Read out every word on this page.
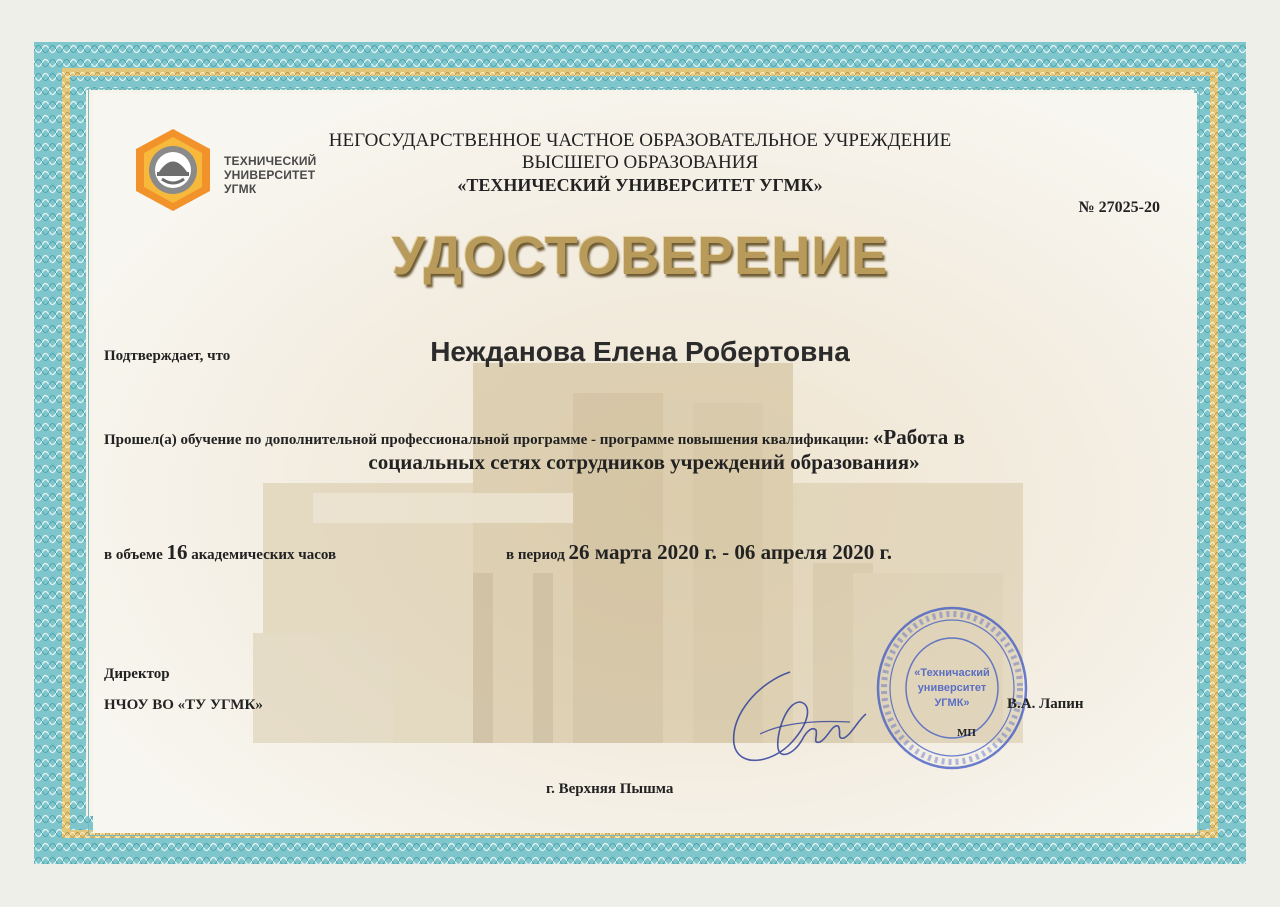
ТЕХНИЧЕСКИЙ
УНИВЕРСИТЕТ
УГМК
НЕГОСУДАРСТВЕННОЕ ЧАСТНОЕ ОБРАЗОВАТЕЛЬНОЕ УЧРЕЖДЕНИЕ
ВЫСШЕГО ОБРАЗОВАНИЯ
«ТЕХНИЧЕСКИЙ УНИВЕРСИТЕТ УГМК»
№ 27025-20
УДОСТОВЕРЕНИЕ
Подтверждает, что	Нежданова Елена Робертовна
Прошел(а) обучение по дополнительной профессиональной программе - программе повышения квалификации: «Работа в
социальных сетях сотрудников учреждений образования»
в объеме 16 академических часов	в период 26 марта 2020 г. - 06 апреля 2020 г.
«Техничаский
университет
УГМК»
Директор
НЧОУ ВО «ТУ УГМК»	В.А. Лапин
МП
г. Верхняя Пышма
